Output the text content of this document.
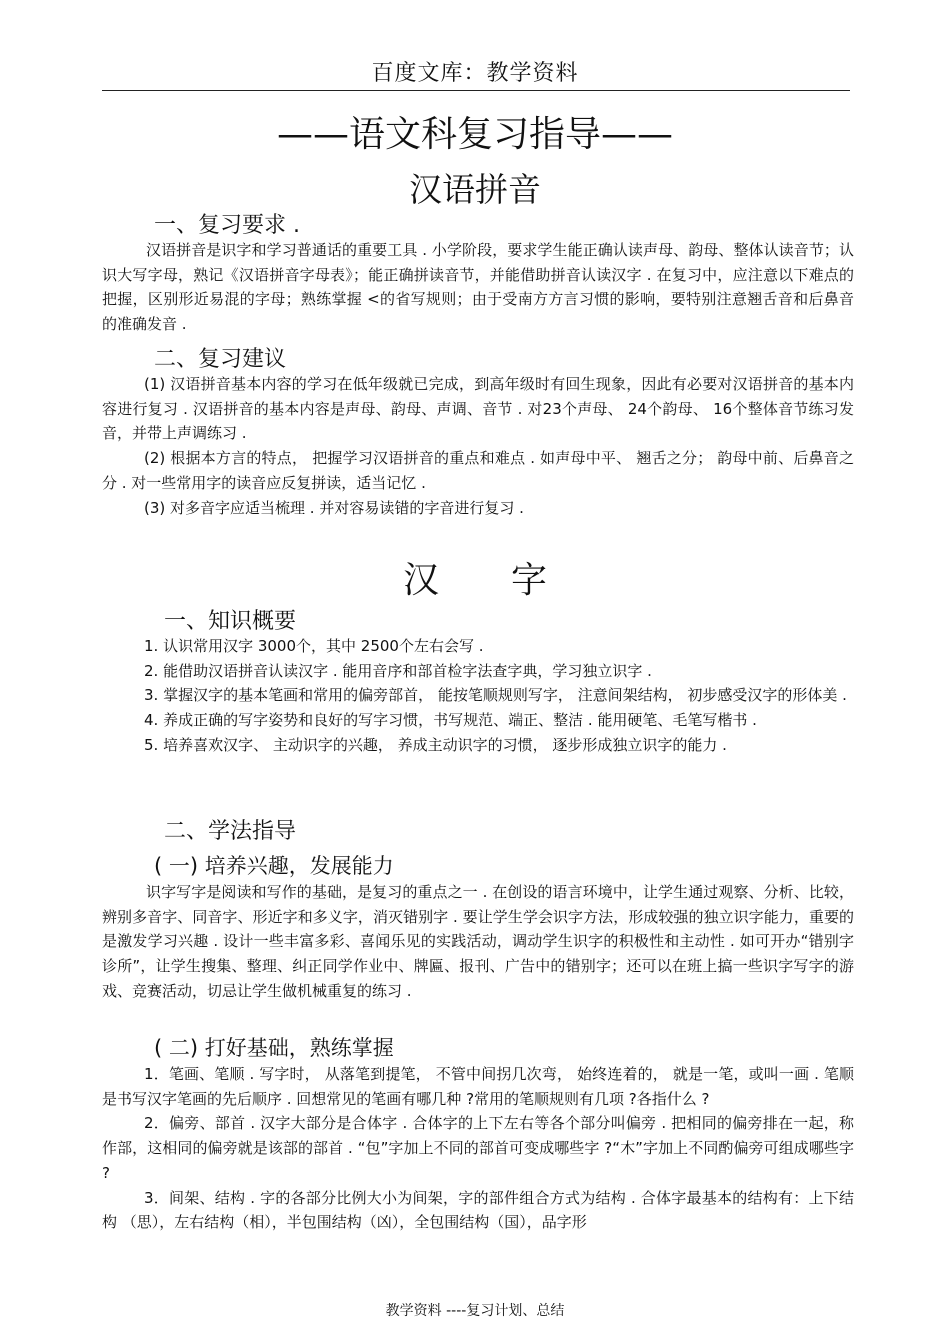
百度文库：教学资料
——语文科复习指导——
汉语拼音
一、复习要求 .

汉语拼音是识字和学习普通话的重要工具 . 小学阶段，要求学生能正确认读声母、韵母、整体认读音节；认识大写字母，熟记《汉语拼音字母表》；能正确拼读音节，并能借助拼音认读汉字 . 在复习中，应注意以下难点的把握，区别形近易混的字母；熟练掌握 <的省写规则；由于受南方方言习惯的影响，要特别注意翘舌音和后鼻音的准确发音 .

二、复习建议

(1) 汉语拼音基本内容的学习在低年级就已完成，到高年级时有回生现象，因此有必要对汉语拼音的基本内容进行复习 . 汉语拼音的基本内容是声母、韵母、声调、音节 . 对23个声母、 24个韵母、 16个整体音节练习发音，并带上声调练习 .

(2) 根据本方言的特点， 把握学习汉语拼音的重点和难点 . 如声母中平、 翘舌之分； 韵母中前、后鼻音之分 . 对一些常用字的读音应反复拼读，适当记忆 .

(3) 对多音字应适当梳理 . 并对容易读错的字音进行复习 .

汉　　字
一、知识概要

1. 认识常用汉字 3000个，其中 2500个左右会写 .

2. 能借助汉语拼音认读汉字 . 能用音序和部首检字法查字典，学习独立识字 .

3. 掌握汉字的基本笔画和常用的偏旁部首， 能按笔顺规则写字， 注意间架结构， 初步感受汉字的形体美 .

4. 养成正确的写字姿势和良好的写字习惯，书写规范、端正、整洁 . 能用硬笔、毛笔写楷书 .

5. 培养喜欢汉字、 主动识字的兴趣， 养成主动识字的习惯， 逐步形成独立识字的能力 .

二、学法指导
( 一) 培养兴趣，发展能力

识字写字是阅读和写作的基础，是复习的重点之一 . 在创设的语言环境中，让学生通过观察、分析、比较，辨别多音字、同音字、形近字和多义字，消灭错别字 . 要让学生学会识字方法，形成较强的独立识字能力，重要的是激发学习兴趣 . 设计一些丰富多彩、喜闻乐见的实践活动，调动学生识字的积极性和主动性 . 如可开办“错别字诊所”，让学生搜集、整理、纠正同学作业中、牌匾、报刊、广告中的错别字；还可以在班上搞一些识字写字的游戏、竞赛活动，切忌让学生做机械重复的练习 .

( 二) 打好基础，熟练掌握

1．笔画、笔顺 . 写字时， 从落笔到提笔， 不管中间拐几次弯， 始终连着的， 就是一笔，或叫一画 . 笔顺是书写汉字笔画的先后顺序 . 回想常见的笔画有哪几种 ?常用的笔顺规则有几项 ?各指什么 ?

2．偏旁、部首 . 汉字大部分是合体字 . 合体字的上下左右等各个部分叫偏旁 . 把相同的偏旁排在一起，称作部，这相同的偏旁就是该部的部首 . “包”字加上不同的部首可变成哪些字 ?“木”字加上不同酌偏旁可组成哪些字 ?

3．间架、结构 . 字的各部分比例大小为间架，字的部件组合方式为结构 . 合体字最基本的结构有：上下结构 （思），左右结构（相），半包围结构（凶），全包围结构（国），品字形

教学资料 ----复习计划、总结
